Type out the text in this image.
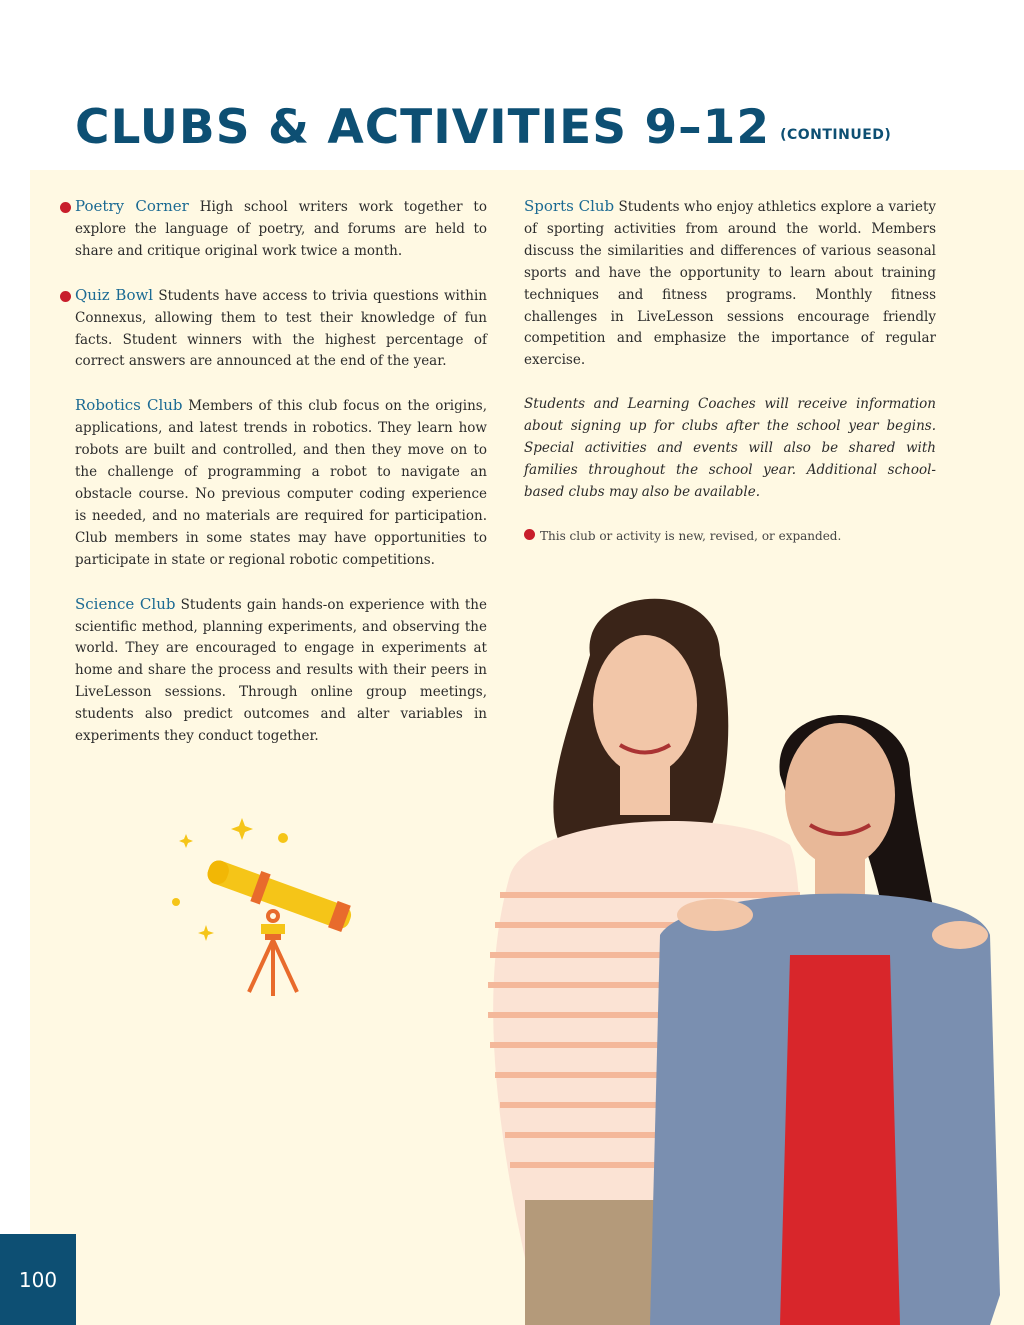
CLUBS & ACTIVITIES 9–12 (CONTINUED)
Poetry Corner High school writers work together to explore the language of poetry, and forums are held to share and critique original work twice a month.
Quiz Bowl Students have access to trivia questions within Connexus, allowing them to test their knowledge of fun facts. Student winners with the highest percentage of correct answers are announced at the end of the year.
Robotics Club Members of this club focus on the origins, applications, and latest trends in robotics. They learn how robots are built and controlled, and then they move on to the challenge of programming a robot to navigate an obstacle course. No previous computer coding experience is needed, and no materials are required for participation. Club members in some states may have opportunities to participate in state or regional robotic competitions.
Science Club Students gain hands-on experience with the scientific method, planning experiments, and observing the world. They are encouraged to engage in experiments at home and share the process and results with their peers in LiveLesson sessions. Through online group meetings, students also predict outcomes and alter variables in experiments they conduct together.
Sports Club Students who enjoy athletics explore a variety of sporting activities from around the world. Members discuss the similarities and differences of various seasonal sports and have the opportunity to learn about training techniques and fitness programs. Monthly fitness challenges in LiveLesson sessions encourage friendly competition and emphasize the importance of regular exercise.
Students and Learning Coaches will receive information about signing up for clubs after the school year begins. Special activities and events will also be shared with families throughout the school year. Additional school-based clubs may also be available.
This club or activity is new, revised, or expanded.
100
